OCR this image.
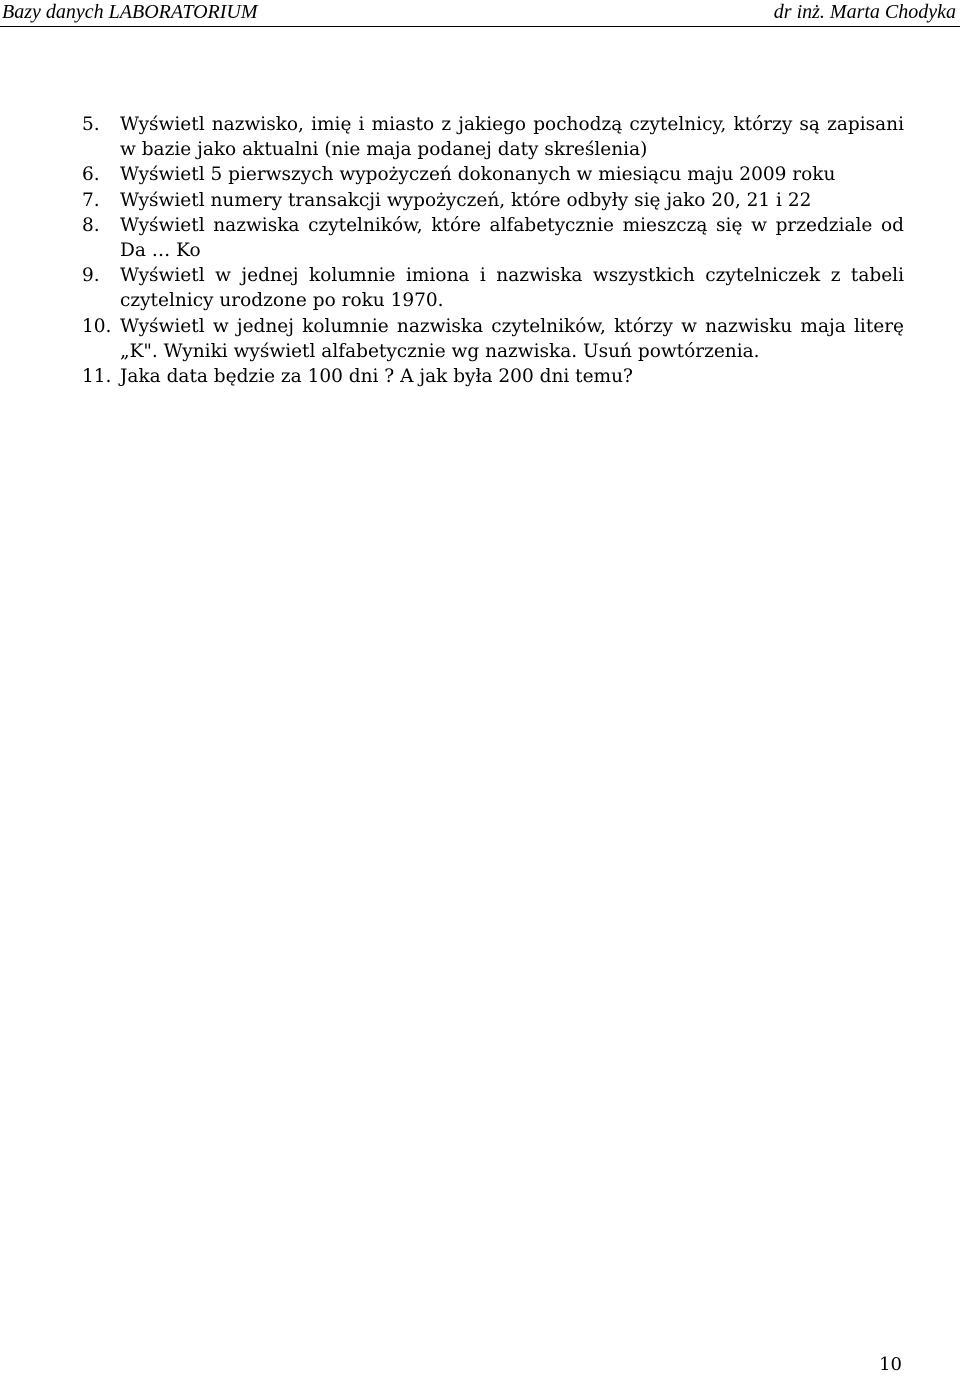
Bazy danych LABORATORIUM	dr inż. Marta Chodyka
5. Wyświetl nazwisko, imię i miasto z jakiego pochodzą czytelnicy, którzy są zapisani w bazie jako aktualni (nie maja podanej daty skreślenia)
6. Wyświetl 5 pierwszych wypożyczeń dokonanych w miesiącu maju 2009 roku
7. Wyświetl numery transakcji wypożyczeń, które odbyły się jako 20, 21 i 22
8. Wyświetl nazwiska czytelników, które alfabetycznie mieszczą się w przedziale od Da … Ko
9. Wyświetl w jednej kolumnie imiona i nazwiska wszystkich czytelniczek z tabeli czytelnicy urodzone po roku 1970.
10. Wyświetl w jednej kolumnie nazwiska czytelników, którzy w nazwisku maja literę „K". Wyniki wyświetl alfabetycznie wg nazwiska. Usuń powtórzenia.
11. Jaka data będzie za 100 dni ? A jak była 200 dni temu?
10
